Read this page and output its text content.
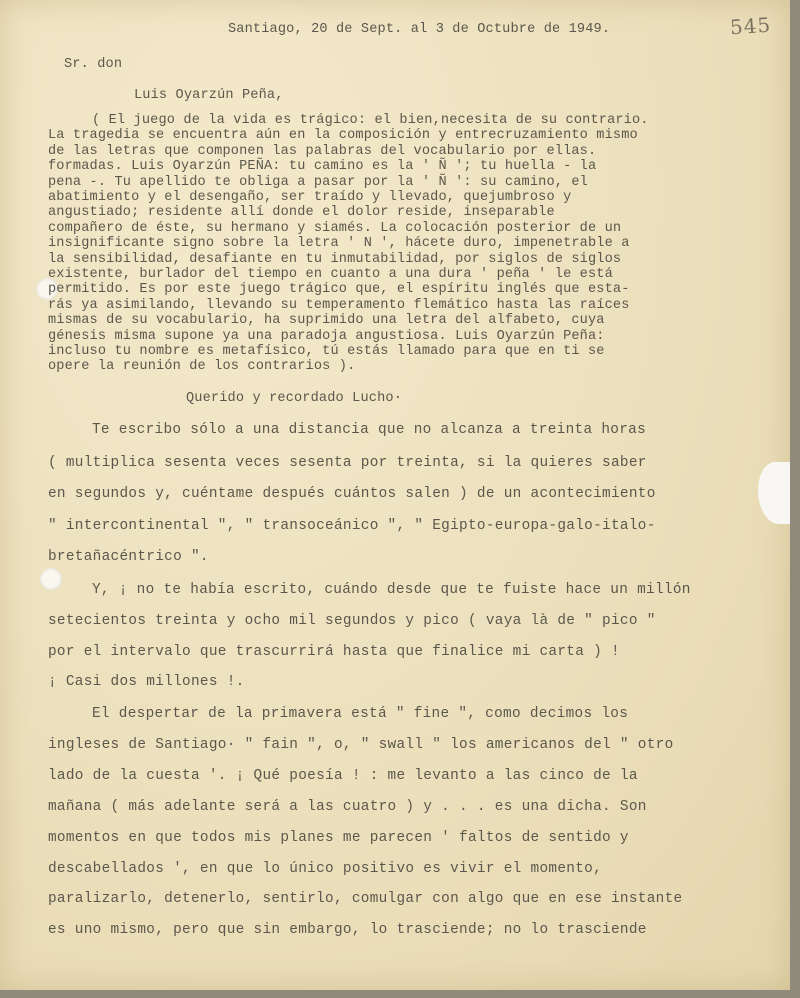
545
Santiago, 20 de Sept. al 3 de Octubre de 1949.
Sr. don
Luis Oyarzún Peña,
( El juego de la vida es trágico: el bien,necesita de su contrario.
La tragedia se encuentra aún en la composición y entrecruzamiento mismo
de las letras que componen las palabras del vocabulario por ellas.
formadas. Luis Oyarzún PEÑA: tu camino es la ' Ñ '; tu huella - la
pena -. Tu apellido te obliga a pasar por la ' Ñ ': su camino, el
abatimiento y el desengaño, ser traído y llevado, quejumbroso y
angustiado; residente allí donde el dolor reside, inseparable
compañero de éste, su hermano y siamés. La colocación posterior de un
insignificante signo sobre la letra ' N ', hácete duro, impenetrable a
la sensibilidad, desafiante en tu inmutabilidad, por siglos de siglos
existente, burlador del tiempo en cuanto a una dura ' peña ' le está
permitido. Es por este juego trágico que, el espíritu inglés que esta-
rás ya asimilando, llevando su temperamento flemático hasta las raíces
mismas de su vocabulario, ha suprimido una letra del alfabeto, cuya
génesis misma supone ya una paradoja angustiosa. Luis Oyarzún Peña:
incluso tu nombre es metafísico, tú estás llamado para que en ti se
opere la reunión de los contrarios ).
Querido y recordado Lucho·
Te escribo sólo a una distancia que no alcanza a treinta horas
( multiplica sesenta veces sesenta por treinta, si la quieres saber
en segundos y, cuéntame después cuántos salen ) de un acontecimiento
" intercontinental ", " transoceánico ", " Egipto-europa-galo-italo-
bretañacéntrico ".
Y, ¡ no te había escrito, cuándo desde que te fuiste hace un millón
setecientos treinta y ocho mil segundos y pico ( vaya là de " pico "
por el intervalo que trascurrirá hasta que finalice mi carta ) !
¡ Casi dos millones !.
El despertar de la primavera está " fine ", como decimos los
ingleses de Santiago· " fain ", o, " swall " los americanos del " otro
lado de la cuesta '. ¡ Qué poesía ! : me levanto a las cinco de la
mañana ( más adelante será a las cuatro ) y . . . es una dicha. Son
momentos en que todos mis planes me parecen ' faltos de sentido y
descabellados ', en que lo único positivo es vivir el momento,
paralizarlo, detenerlo, sentirlo, comulgar con algo que en ese instante
es uno mismo, pero que sin embargo, lo trasciende; no lo trasciende
